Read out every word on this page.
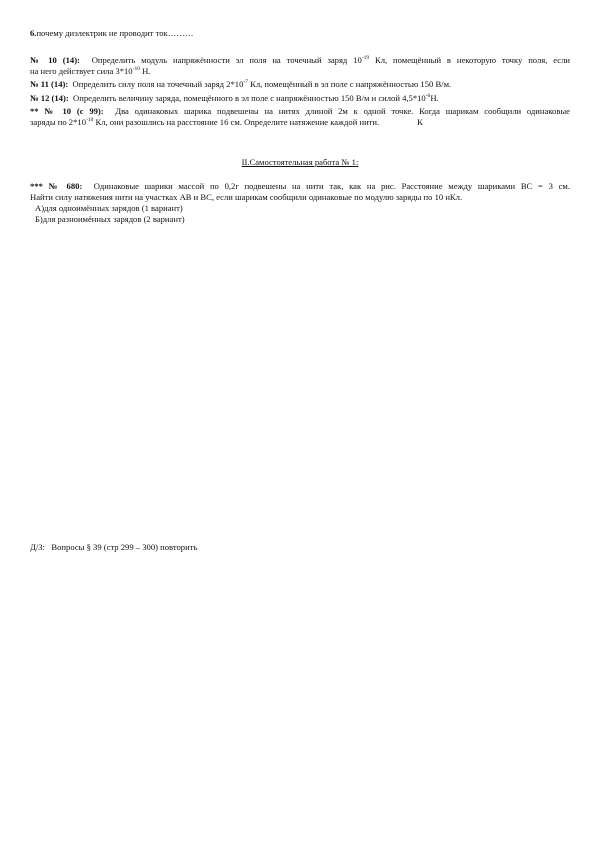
6.почему диэлектрик не проводит ток………
№ 10 (14): Определить модуль напряжённости эл поля на точечный заряд $10^{-19}$ Кл, помещённый в некоторую точку поля, если
на него действует сила $3*10^{-10}$ Н.
№ 11 (14): Определить силу поля на точечный заряд $2*10^{-7}$ Кл, помещённый в эл поле с напряжённостью 150 В/м.
№ 12 (14): Определить величину заряда, помещённого в эл поле с напряжённостью 150 В/м и силой $4,5*10^{-6}Н$.
** № 10 (с 99): Два одинаковых шарика подвешены на нитях длиной 2м к одной точке. Когда шарикам сообщили одинаковые
заряды по $2*10^{-10}$ Кл, они разошлись на расстояние 16 см. Определите натяжение каждой нити.	К
II.Самостоятельная работа № 1:
*** № 680: Одинаковые шарики массой по 0,2г подвешены на нити так, как на рис. Расстояние между шариками ВС = 3 см.
Найти силу натяжения нити на участках АВ и ВС, если шарикам сообщили одинаковые по модулю заряды по 10 нКл.
А)для одноимённых зарядов (1 вариант)
Б)для разноимённых зарядов (2 вариант)
Д/З: Вопросы § 39 (стр 299 – 300) повторить
